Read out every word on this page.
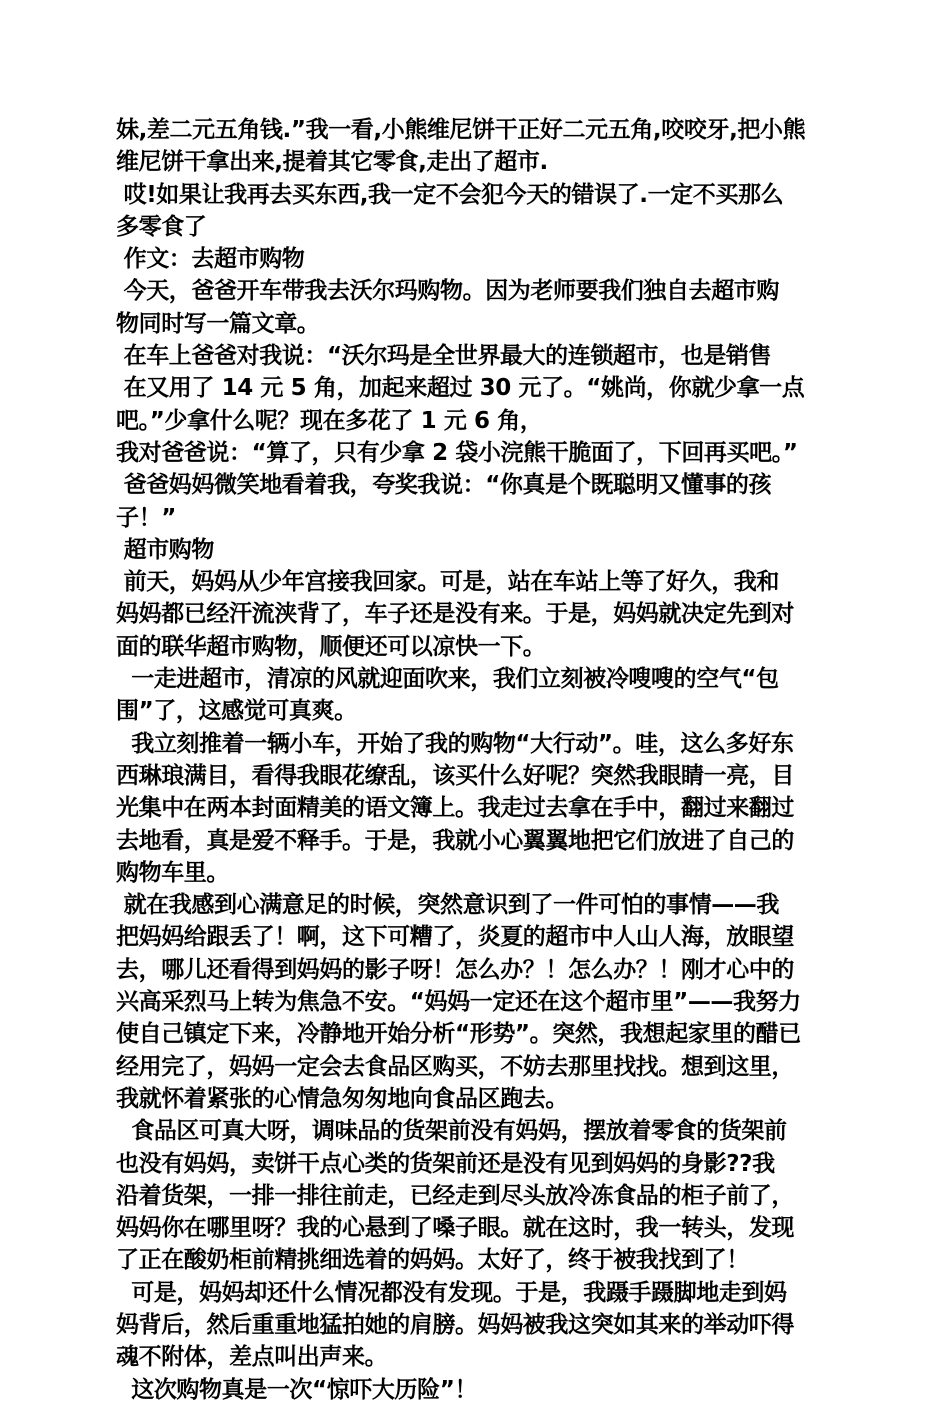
妹,差二元五角钱.”我一看,小熊维尼饼干正好二元五角,咬咬牙,把小熊
维尼饼干拿出来,提着其它零食,走出了超市.
哎!如果让我再去买东西,我一定不会犯今天的错误了.一定不买那么
多零食了
作文：去超市购物
今天，爸爸开车带我去沃尔玛购物。因为老师要我们独自去超市购
物同时写一篇文章。
在车上爸爸对我说：“沃尔玛是全世界最大的连锁超市，也是销售
在又用了 14 元 5 角，加起来超过 30 元了。“姚尚，你就少拿一点
吧。”少拿什么呢？现在多花了 1 元 6 角，
我对爸爸说：“算了，只有少拿 2 袋小浣熊干脆面了，下回再买吧。”
爸爸妈妈微笑地看着我，夸奖我说：“你真是个既聪明又懂事的孩
子！”
超市购物
前天，妈妈从少年宫接我回家。可是，站在车站上等了好久，我和
妈妈都已经汗流浃背了，车子还是没有来。于是，妈妈就决定先到对
面的联华超市购物，顺便还可以凉快一下。
一走进超市，清凉的风就迎面吹来，我们立刻被冷嗖嗖的空气“包
围”了，这感觉可真爽。
我立刻推着一辆小车，开始了我的购物“大行动”。哇，这么多好东
西琳琅满目，看得我眼花缭乱，该买什么好呢？突然我眼睛一亮，目
光集中在两本封面精美的语文簿上。我走过去拿在手中，翻过来翻过
去地看，真是爱不释手。于是，我就小心翼翼地把它们放进了自己的
购物车里。
就在我感到心满意足的时候，突然意识到了一件可怕的事情——我
把妈妈给跟丢了！啊，这下可糟了，炎夏的超市中人山人海，放眼望
去，哪儿还看得到妈妈的影子呀！怎么办？！怎么办？！刚才心中的
兴高采烈马上转为焦急不安。“妈妈一定还在这个超市里”——我努力
使自己镇定下来，冷静地开始分析“形势”。突然，我想起家里的醋已
经用完了，妈妈一定会去食品区购买，不妨去那里找找。想到这里，
我就怀着紧张的心情急匆匆地向食品区跑去。
食品区可真大呀，调味品的货架前没有妈妈，摆放着零食的货架前
也没有妈妈，卖饼干点心类的货架前还是没有见到妈妈的身影??我
沿着货架，一排一排往前走，已经走到尽头放冷冻食品的柜子前了，
妈妈你在哪里呀？我的心悬到了嗓子眼。就在这时，我一转头，发现
了正在酸奶柜前精挑细选着的妈妈。太好了，终于被我找到了！
可是，妈妈却还什么情况都没有发现。于是，我蹑手蹑脚地走到妈
妈背后，然后重重地猛拍她的肩膀。妈妈被我这突如其来的举动吓得
魂不附体，差点叫出声来。
这次购物真是一次“惊吓大历险”！
